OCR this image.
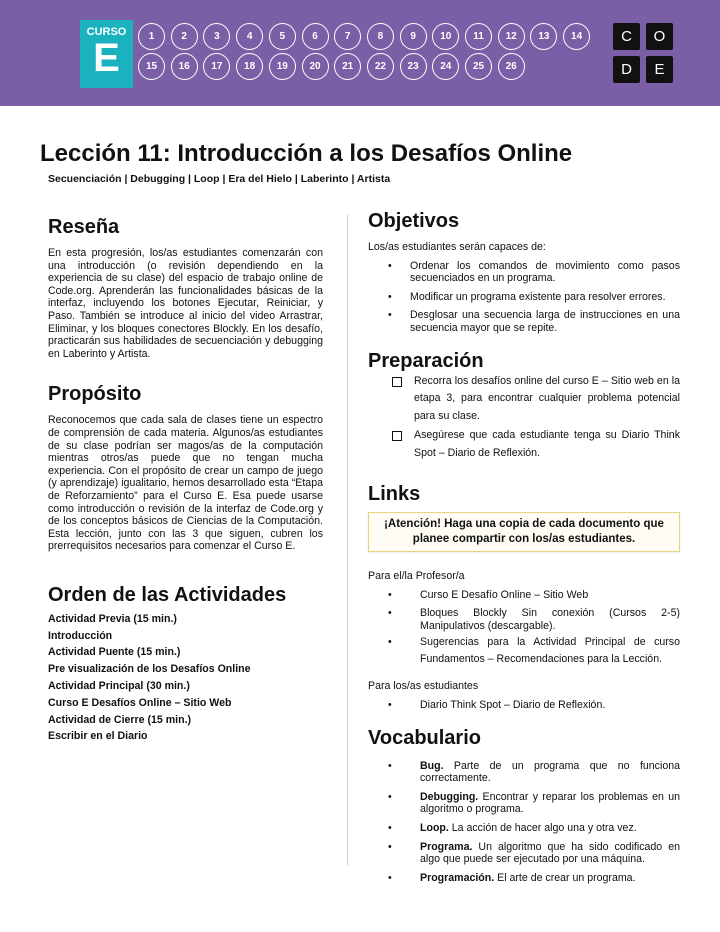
CURSO
E	1	2	3	4	5	6	7	8	9	10	11	12	13	14
15	16	17	18	19	20	21	22	23	24	25	26
C	O
D	E
Lección 11: Introducción a los Desafíos Online
Secuenciación | Debugging | Loop | Era del Hielo | Laberinto | Artista
Reseña

En esta progresión, los/as estudiantes comenzarán con una introducción (o revisión dependiendo en la experiencia de su clase) del espacio de trabajo online de Code.org. Aprenderán las funcionalidades básicas de la interfaz, incluyendo los botones Ejecutar, Reiniciar, y Paso. También se introduce al inicio del video Arrastrar, Eliminar, y los bloques conectores Blockly. En los desafío, practicarán sus habilidades de secuenciación y debugging en Laberinto y Artista.

Propósito

Reconocemos que cada sala de clases tiene un espectro de comprensión de cada materia. Algunos/as estudiantes de su clase podrían ser magos/as de la computación mientras otros/as puede que no tengan mucha experiencia. Con el propósito de crear un campo de juego (y aprendizaje) igualitario, hemos desarrollado esta “Etapa de Reforzamiento” para el Curso E. Esa puede usarse como introducción o revisión de la interfaz de Code.org y de los conceptos básicos de Ciencias de la Computación. Esta lección, junto con las 3 que siguen, cubren los prerrequisitos necesarios para comenzar el Curso E.

Orden de las Actividades
Actividad Previa (15 min.)
Introducción
Actividad Puente (15 min.)
Pre visualización de los Desafíos Online
Actividad Principal (30 min.)
Curso E Desafíos Online – Sitio Web
Actividad de Cierre (15 min.)
Escribir en el Diario
Objetivos

Los/as estudiantes serán capaces de:

• Ordenar los comandos de movimiento como pasos secuenciados en un programa.
• Modificar un programa existente para resolver errores.
• Desglosar una secuencia larga de instrucciones en una secuencia mayor que se repite.
Preparación
Recorra los desafíos online del curso E – Sitio web en la etapa 3, para encontrar cualquier problema potencial para su clase.
Asegúrese que cada estudiante tenga su Diario Think Spot – Diario de Reflexión.
Links
¡Atención! Haga una copia de cada documento que planee compartir con los/as estudiantes.

Para el/la Profesor/a

• Curso E Desafío Online – Sitio Web
• Bloques Blockly Sin conexión (Cursos 2-5) Manipulativos (descargable).
• Sugerencias para la Actividad Principal de curso Fundamentos – Recomendaciones para la Lección.

Para los/as estudiantes

• Diario Think Spot – Diario de Reflexión.
Vocabulario
• Bug. Parte de un programa que no funciona correctamente.
• Debugging. Encontrar y reparar los problemas en un algoritmo o programa.
• Loop. La acción de hacer algo una y otra vez.
• Programa. Un algoritmo que ha sido codificado en algo que puede ser ejecutado por una máquina.
• Programación. El arte de crear un programa.
